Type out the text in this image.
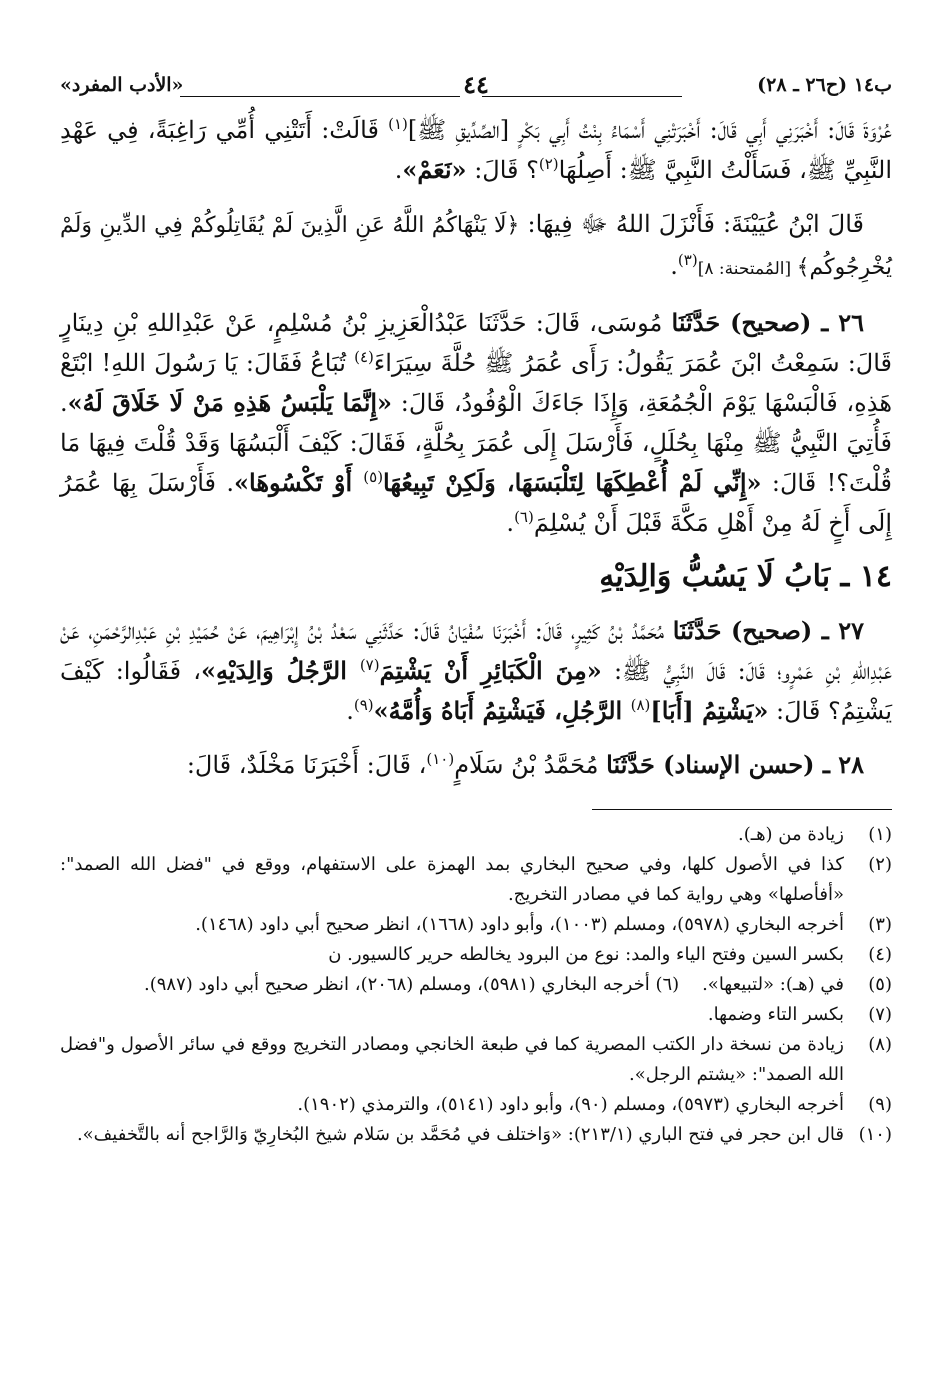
ب١٤ (ح٢٦ ـ ٢٨)
٤٤
«الأدب المفرد»

عُرْوَةَ قَالَ: أَخْبَرَنِي أَبِي قَالَ: أَخْبَرَتْنِي أَسْمَاءُ بِنْتُ أَبِي بَكْرٍ [الصِّدِّيقِ ﷺ]$^{(١)}$ قَالَتْ: أَتَتْنِي أُمِّي رَاغِبَةً، فِي عَهْدِ النَّبِيِّ ﷺ، فَسَأَلْتُ النَّبِيَّ ﷺ: أَصِلُهَا$^{(٢)}$؟ قَالَ: «نَعَمْ».

قَالَ ابْنُ عُيَيْنَةَ: فَأَنْزَلَ اللهُ ﷻ فِيهَا: ﴿لَا يَنْهَاكُمُ اللَّهُ عَنِ الَّذِينَ لَمْ يُقَاتِلُوكُمْ فِي الدِّينِ وَلَمْ يُخْرِجُوكُم﴾ [المُمتحنة: ٨]$^{(٣)}$.

٢٦ ـ (صحيح) حَدَّثَنَا مُوسَى، قَالَ: حَدَّثَنَا عَبْدُالْعَزِيزِ بْنُ مُسْلِمٍ، عَنْ عَبْدِاللهِ بْنِ دِينَارٍ قَالَ: سَمِعْتُ ابْنَ عُمَرَ يَقُولُ: رَأَى عُمَرُ ﷺ حُلَّةَ سِيَرَاءَ$^{(٤)}$ تُبَاعُ فَقَالَ: يَا رَسُولَ اللهِ! ابْتَعْ هَذِهِ، فَالْبَسْهَا يَوْمَ الْجُمُعَةِ، وَإِذَا جَاءَكَ الْوُفُودُ، قَالَ: «إِنَّمَا يَلْبَسُ هَذِهِ مَنْ لَا خَلَاقَ لَهُ». فَأُتِيَ النَّبِيُّ ﷺ مِنْهَا بِحُلَلٍ، فَأَرْسَلَ إِلَى عُمَرَ بِحُلَّةٍ، فَقَالَ: كَيْفَ أَلْبَسُهَا وَقَدْ قُلْتَ فِيهَا مَا قُلْتَ؟! قَالَ: «إِنِّي لَمْ أُعْطِكَهَا لِتَلْبَسَهَا، وَلَكِنْ تَبِيعُهَا$^{(٥)}$ أَوْ تَكْسُوهَا». فَأَرْسَلَ بِهَا عُمَرُ إِلَى أَخٍ لَهُ مِنْ أَهْلِ مَكَّةَ قَبْلَ أَنْ يُسْلِمَ$^{(٦)}$.

١٤ ـ بَابُ لَا يَسُبُّ وَالِدَيْهِ

٢٧ ـ (صحيح) حَدَّثَنَا مُحَمَّدُ بْنُ كَثِيرٍ، قَالَ: أَخْبَرَنَا سُفْيَانُ قَالَ: حَدَّثَنِي سَعْدُ بْنُ إِبْرَاهِيمَ، عَنْ حُمَيْدِ بْنِ عَبْدِالرَّحْمَنِ، عَنْ عَبْدِاللهِ بْنِ عَمْرٍو؛ قَالَ: قَالَ النَّبِيُّ ﷺ: «مِنَ الْكَبَائِرِ أَنْ يَشْتِمَ$^{(٧)}$ الرَّجُلُ وَالِدَيْهِ»، فَقَالُوا: كَيْفَ يَشْتِمُ؟ قَالَ: «يَشْتِمُ [أَبَا]$^{(٨)}$ الرَّجُلِ، فَيَشْتِمُ أَبَاهُ وَأُمَّهُ»$^{(٩)}$.

٢٨ ـ (حسن الإسناد) حَدَّثَنَا مُحَمَّدُ بْنُ سَلَامٍ$^{(١٠)}$، قَالَ: أَخْبَرَنَا مَخْلَدٌ، قَالَ:

(١)
زيادة من (هـ).
(٢)
كذا في الأصول كلها، وفي صحيح البخاري بمد الهمزة على الاستفهام، ووقع في "فضل الله الصمد": «أفأصلها» وهي رواية كما في مصادر التخريج.
(٣)
أخرجه البخاري (٥٩٧٨)، ومسلم (١٠٠٣)، وأبو داود (١٦٦٨)، انظر صحيح أبي داود (١٤٦٨).
(٤)
بكسر السين وفتح الياء والمد: نوع من البرود يخالطه حرير كالسيور. ن
(٥)
في (هـ): «لتبيعها».    (٦) أخرجه البخاري (٥٩٨١)، ومسلم (٢٠٦٨)، انظر صحيح أبي داود (٩٨٧).
(٧)
بكسر التاء وضمها.
(٨)
زيادة من نسخة دار الكتب المصرية كما في طبعة الخانجي ومصادر التخريج ووقع في سائر الأصول و"فضل الله الصمد": «يشتم الرجل».
(٩)
أخرجه البخاري (٥٩٧٣)، ومسلم (٩٠)، وأبو داود (٥١٤١)، والترمذي (١٩٠٢).
(١٠)
قال ابن حجر في فتح الباري (٢١٣/١): «وَاختلف في مُحَمَّد بن سَلام شيخ البُخارِيّ وَالرَّاجح أنه بالتَّخفيف».
